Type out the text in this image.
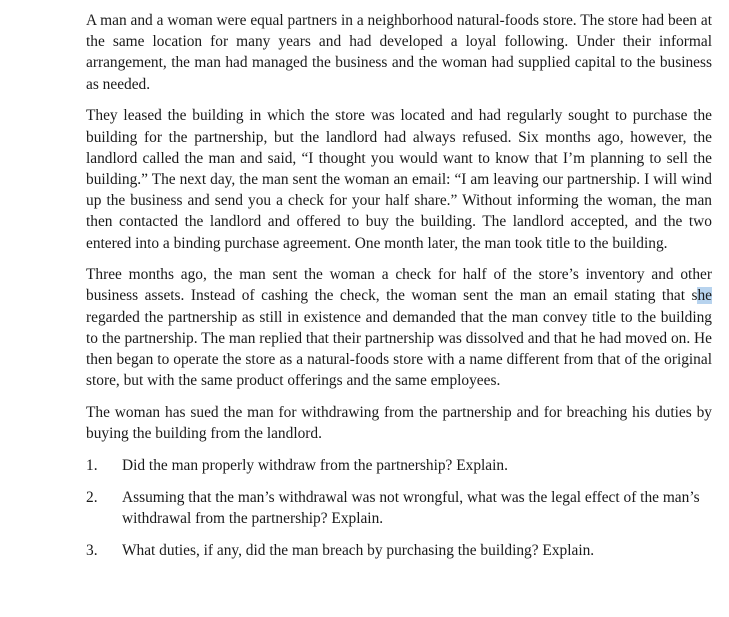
A man and a woman were equal partners in a neighborhood natural-foods store. The store had been at the same location for many years and had developed a loyal following. Under their informal arrangement, the man had managed the business and the woman had supplied capital to the business as needed.

They leased the building in which the store was located and had regularly sought to purchase the building for the partnership, but the landlord had always refused. Six months ago, however, the landlord called the man and said, “I thought you would want to know that I’m planning to sell the building.” The next day, the man sent the woman an email: “I am leaving our partnership. I will wind up the business and send you a check for your half share.” Without informing the woman, the man then contacted the landlord and offered to buy the building. The landlord accepted, and the two entered into a binding purchase agreement. One month later, the man took title to the building.

Three months ago, the man sent the woman a check for half of the store’s inventory and other business assets. Instead of cashing the check, the woman sent the man an email stating that she regarded the partnership as still in existence and demanded that the man convey title to the building to the partnership. The man replied that their partnership was dissolved and that he had moved on. He then began to operate the store as a natural-foods store with a name different from that of the original store, but with the same product offerings and the same employees.

The woman has sued the man for withdrawing from the partnership and for breaching his duties by buying the building from the landlord.

1. Did the man properly withdraw from the partnership? Explain.
2. Assuming that the man’s withdrawal was not wrongful, what was the legal effect of the man’s withdrawal from the partnership? Explain.
3. What duties, if any, did the man breach by purchasing the building? Explain.
